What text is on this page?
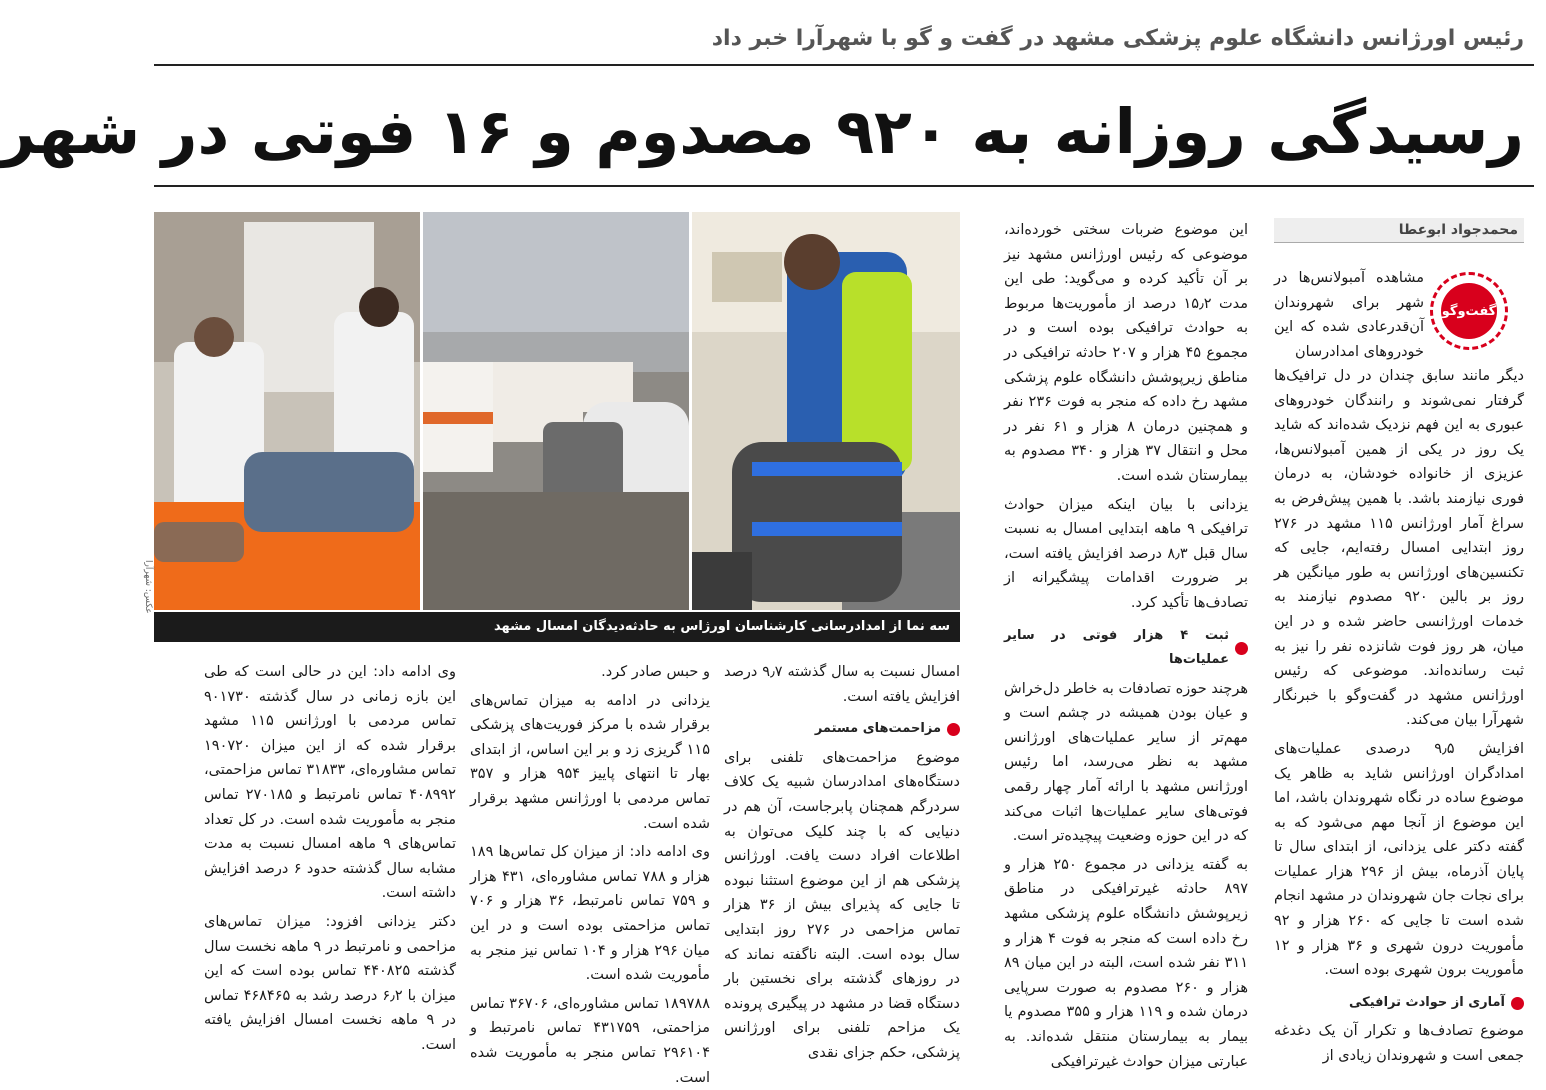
رئیس اورژانس دانشگاه علوم پزشکی مشهد در گفت و گو با شهرآرا خبر داد
رسیدگی روزانه به ۹۲۰ مصدوم و ۱۶ فوتی در شهر
محمدجواد ابوعطا
گفت‌وگو

مشاهده آمبولانس‌ها در شهر برای شهروندان آن‌قدرعادی شده که این خودروهای امدادرسان

دیگر مانند سابق چندان در دل ترافیک‌ها گرفتار نمی‌شوند و رانندگان خودروهای عبوری به این فهم نزدیک شده‌اند که شاید یک روز در یکی از همین آمبولانس‌ها، عزیزی از خانواده خودشان، به درمان فوری نیازمند باشد. با همین پیش‌فرض به سراغ آمار اورژانس ۱۱۵ مشهد در ۲۷۶ روز ابتدایی امسال رفته‌ایم، جایی که تکنسین‌های اورژانس به طور میانگین هر روز بر بالین ۹۲۰ مصدوم نیازمند به خدمات اورژانسی حاضر شده و در این میان، هر روز فوت شانزده نفر را نیز به ثبت رسانده‌اند. موضوعی که رئیس اورژانس مشهد در گفت‌وگو با خبرنگار شهرآرا بیان می‌کند.

افزایش ۹٫۵ درصدی عملیات‌های امدادگران اورژانس شاید به ظاهر یک موضوع ساده در نگاه شهروندان باشد، اما این موضوع از آنجا مهم می‌شود که به گفته دکتر علی یزدانی، از ابتدای سال تا پایان آذرماه، بیش از ۲۹۶ هزار عملیات برای نجات جان شهروندان در مشهد انجام شده است تا جایی که ۲۶۰ هزار و ۹۲ مأموریت درون شهری و ۳۶ هزار و ۱۲ مأموریت برون شهری بوده است.

آماری از حوادث ترافیکی

موضوع تصادف‌ها و تکرار آن یک دغدغه جمعی است و شهروندان زیادی از

این موضوع ضربات سختی خورده‌اند، موضوعی که رئیس اورژانس مشهد نیز بر آن تأکید کرده و می‌گوید: طی این مدت ۱۵٫۲ درصد از مأموریت‌ها مربوط به حوادث ترافیکی بوده است و در مجموع ۴۵ هزار و ۲۰۷ حادثه ترافیکی در مناطق زیرپوشش دانشگاه علوم پزشکی مشهد رخ داده که منجر به فوت ۲۳۶ نفر و همچنین درمان ۸ هزار و ۶۱ نفر در محل و انتقال ۳۷ هزار و ۳۴۰ مصدوم به بیمارستان شده است.

یزدانی با بیان اینکه میزان حوادث ترافیکی ۹ ماهه ابتدایی امسال به نسبت سال قبل ۸٫۳ درصد افزایش یافته است، بر ضرورت اقدامات پیشگیرانه از تصادف‌ها تأکید کرد.

ثبت ۴ هزار فوتی در سایر عملیات‌ها

هرچند حوزه تصادفات به خاطر دل‌خراش و عیان بودن همیشه در چشم است و مهم‌تر از سایر عملیات‌های اورژانس مشهد به نظر می‌رسد، اما رئیس اورژانس مشهد با ارائه آمار چهار رقمی فوتی‌های سایر عملیات‌ها اثبات می‌کند که در این حوزه وضعیت پیچیده‌تر است.

به گفته یزدانی در مجموع ۲۵۰ هزار و ۸۹۷ حادثه غیرترافیکی در مناطق زیرپوشش دانشگاه علوم پزشکی مشهد رخ داده است که منجر به فوت ۴ هزار و ۳۱۱ نفر شده است، البته در این میان ۸۹ هزار و ۲۶۰ مصدوم به صورت سرپایی درمان شده و ۱۱۹ هزار و ۳۵۵ مصدوم یا بیمار به بیمارستان منتقل شده‌اند. به عبارتی میزان حوادث غیرترافیکی

عکس: شهرآرا
سه نما از امدادرسانی کارشناسان اورژاس به حادثه‌دیدگان امسال مشهد

امسال نسبت به سال گذشته ۹٫۷ درصد افزایش یافته است.

مزاحمت‌های مستمر

موضوع مزاحمت‌های تلفنی برای دستگاه‌های امدادرسان شبیه یک کلاف سردرگم همچنان پابرجاست، آن هم در دنیایی که با چند کلیک می‌توان به اطلاعات افراد دست یافت. اورژانس پزشکی هم از این موضوع استثنا نبوده تا جایی که پذیرای بیش از ۳۶ هزار تماس مزاحمی در ۲۷۶ روز ابتدایی سال بوده است. البته ناگفته نماند که در روزهای گذشته برای نخستین بار دستگاه قضا در مشهد در پیگیری پرونده یک مزاحم تلفنی برای اورژانس پزشکی، حکم جزای نقدی

و حبس صادر کرد.

یزدانی در ادامه به میزان تماس‌های برقرار شده با مرکز فوریت‌های پزشکی ۱۱۵ گریزی زد و بر این اساس، از ابتدای بهار تا انتهای پاییز ۹۵۴ هزار و ۳۵۷ تماس مردمی با اورژانس مشهد برقرار شده است.

وی ادامه داد: از میزان کل تماس‌ها ۱۸۹ هزار و ۷۸۸ تماس مشاوره‌ای، ۴۳۱ هزار و ۷۵۹ تماس نامرتبط، ۳۶ هزار و ۷۰۶ تماس مزاحمتی بوده است و در این میان ۲۹۶ هزار و ۱۰۴ تماس نیز منجر به مأموریت شده است.

۱۸۹۷۸۸ تماس مشاوره‌ای، ۳۶۷۰۶ تماس مزاحمتی، ۴۳۱۷۵۹ تماس نامرتبط و ۲۹۶۱۰۴ تماس منجر به مأموریت شده است.

وی ادامه داد: این در حالی است که طی این بازه زمانی در سال گذشته ۹۰۱۷۳۰ تماس مردمی با اورژانس ۱۱۵ مشهد برقرار شده که از این میزان ۱۹۰۷۲۰ تماس مشاوره‌ای، ۳۱۸۳۳ تماس مزاحمتی، ۴۰۸۹۹۲ تماس نامرتبط و ۲۷۰۱۸۵ تماس منجر به مأموریت شده است. در کل تعداد تماس‌های ۹ ماهه امسال نسبت به مدت مشابه سال گذشته حدود ۶ درصد افزایش داشته است.

دکتر یزدانی افزود: میزان تماس‌های مزاحمی و نامرتبط در ۹ ماهه نخست سال گذشته ۴۴۰۸۲۵ تماس بوده است که این میزان با ۶٫۲ درصد رشد به ۴۶۸۴۶۵ تماس در ۹ ماهه نخست امسال افزایش یافته است.
